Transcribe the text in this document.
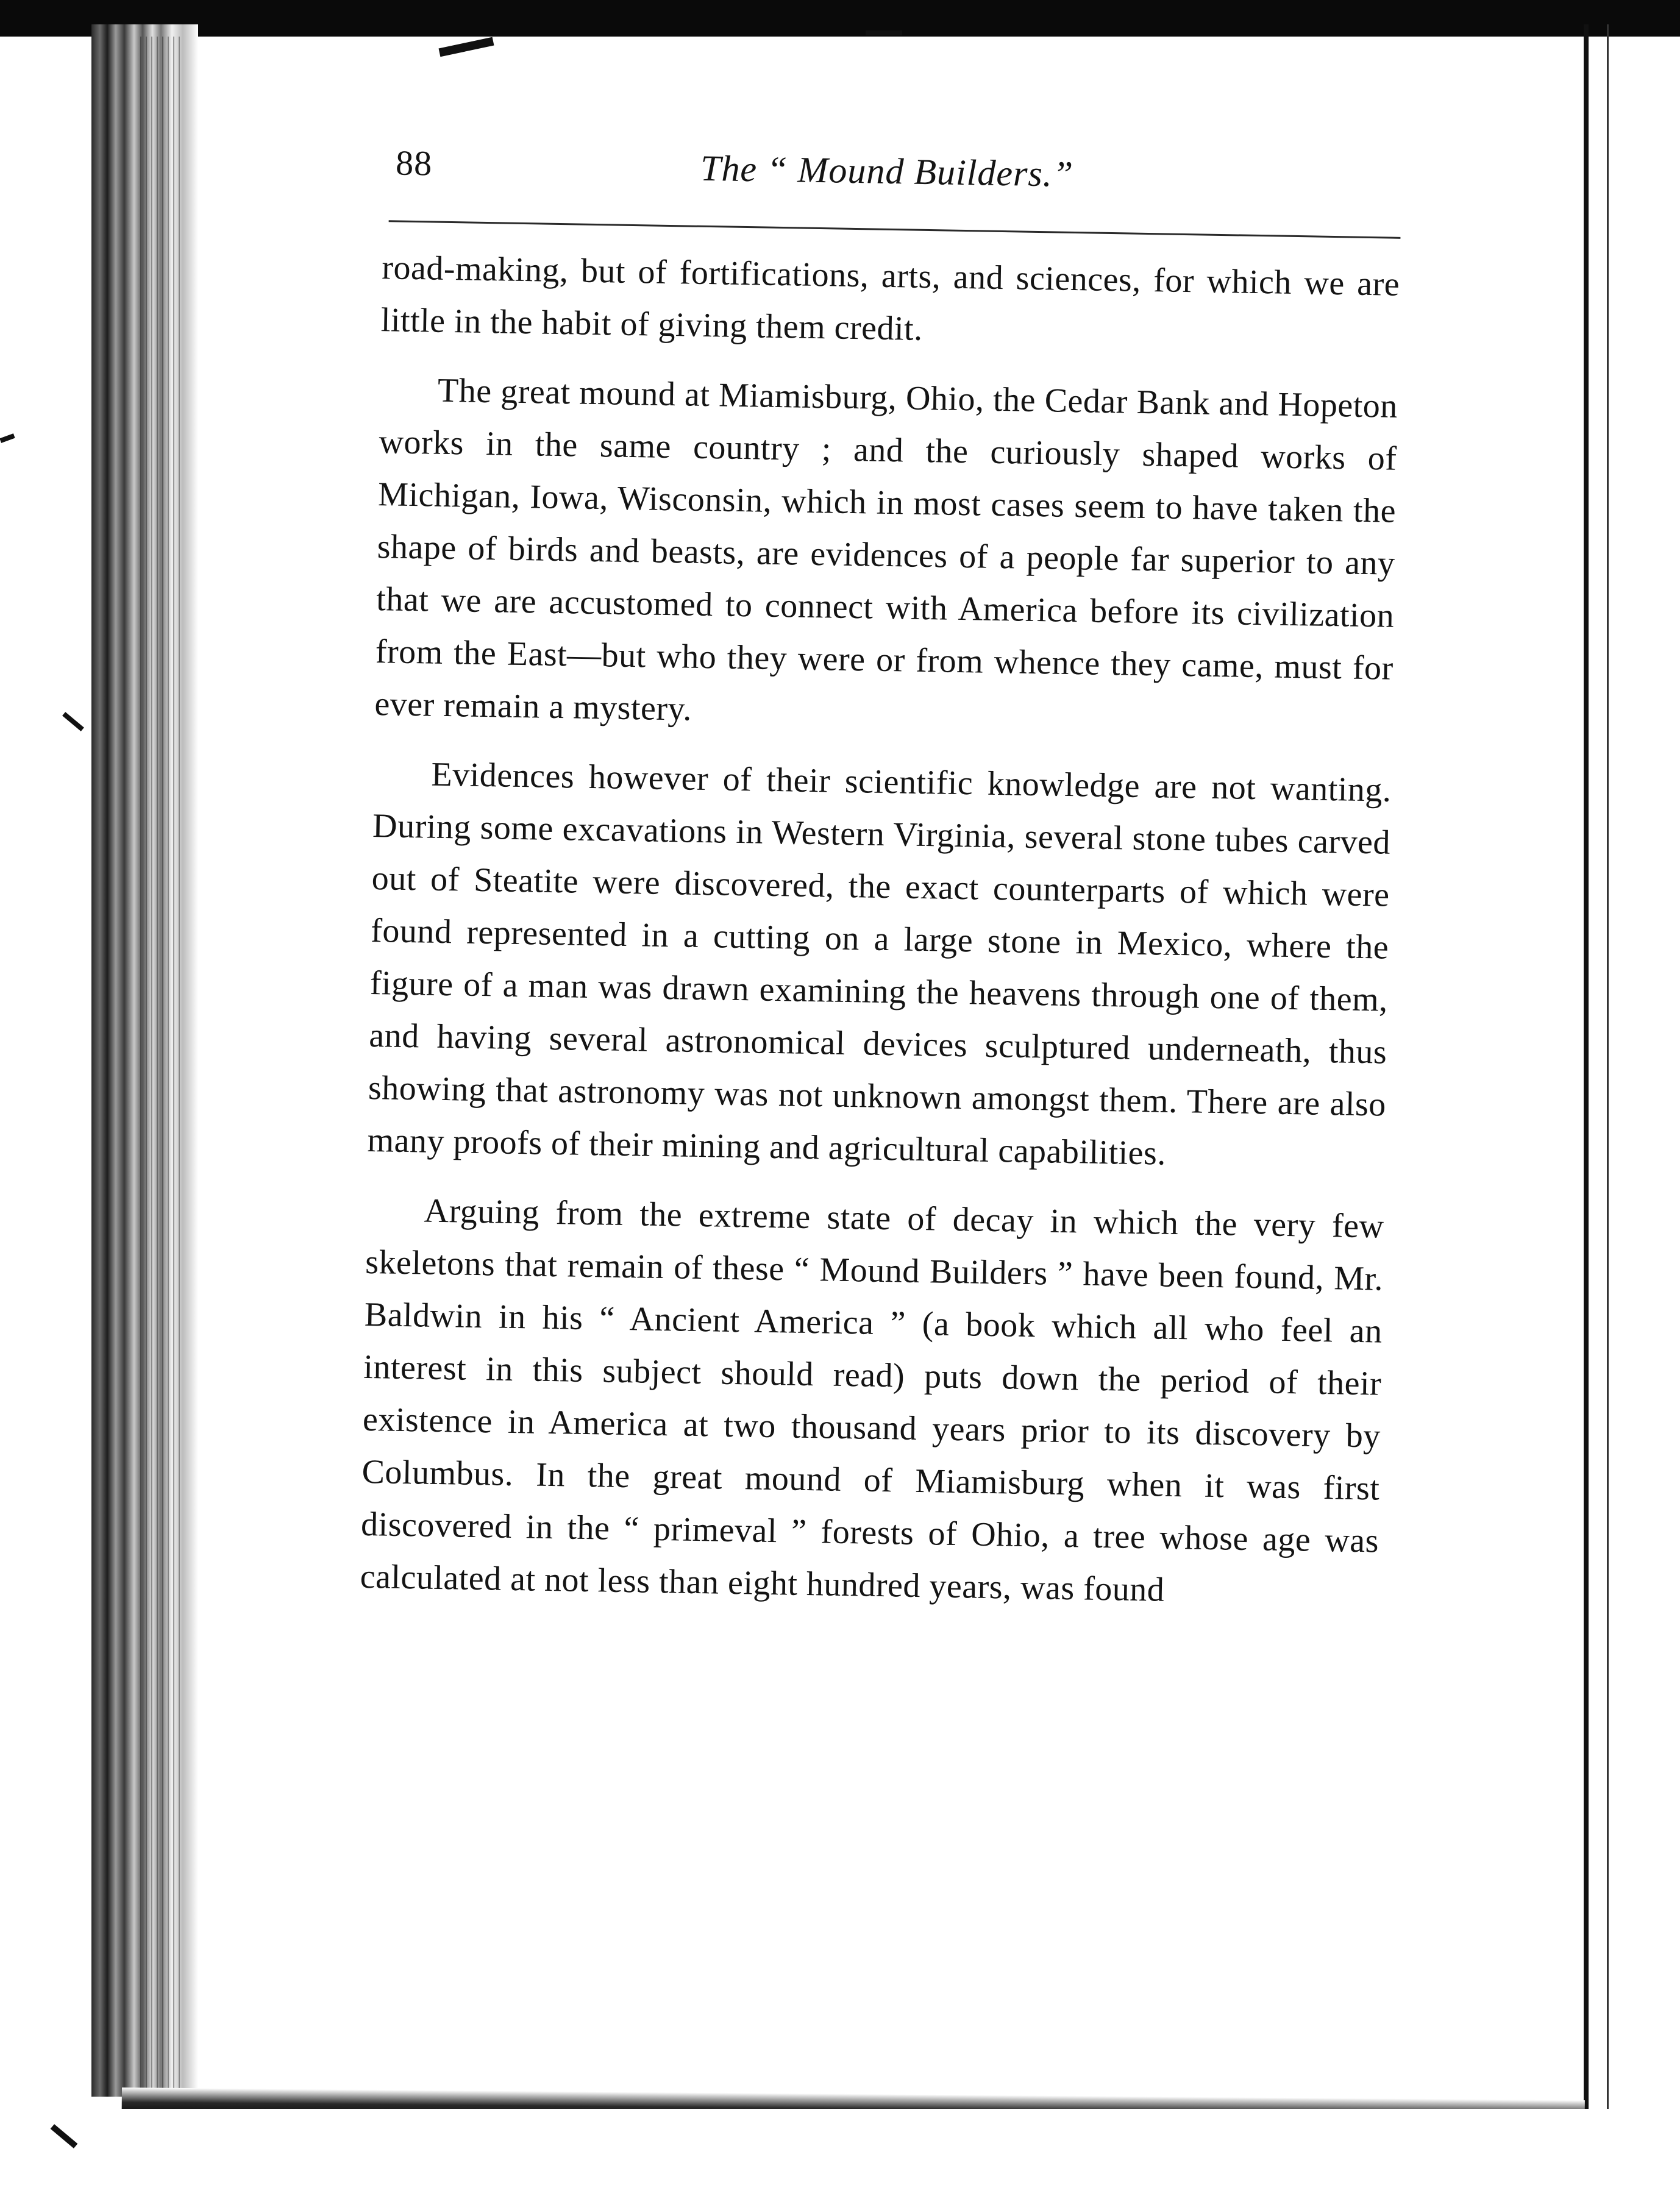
88	The “ Mound Builders.”

road-making, but of fortifications, arts, and sciences, for which we are little in the habit of giving them credit.

The great mound at Miamisburg, Ohio, the Cedar Bank and Hopeton works in the same country ; and the curiously shaped works of Michigan, Iowa, Wisconsin, which in most cases seem to have taken the shape of birds and beasts, are evidences of a people far superior to any that we are accustomed to connect with America before its civilization from the East—but who they were or from whence they came, must for ever remain a mystery.

Evidences however of their scientific knowledge are not wanting. During some excavations in Western Virginia, several stone tubes carved out of Steatite were discovered, the exact counterparts of which were found represented in a cutting on a large stone in Mexico, where the figure of a man was drawn examining the heavens through one of them, and having several astronomical devices sculptured underneath, thus showing that astronomy was not unknown amongst them. There are also many proofs of their mining and agricultural capabilities.

Arguing from the extreme state of decay in which the very few skeletons that remain of these “ Mound Builders ” have been found, Mr. Baldwin in his “ Ancient America ” (a book which all who feel an interest in this subject should read) puts down the period of their existence in America at two thousand years prior to its discovery by Columbus. In the great mound of Miamisburg when it was first discovered in the “ primeval ” forests of Ohio, a tree whose age was calculated at not less than eight hundred years, was found
